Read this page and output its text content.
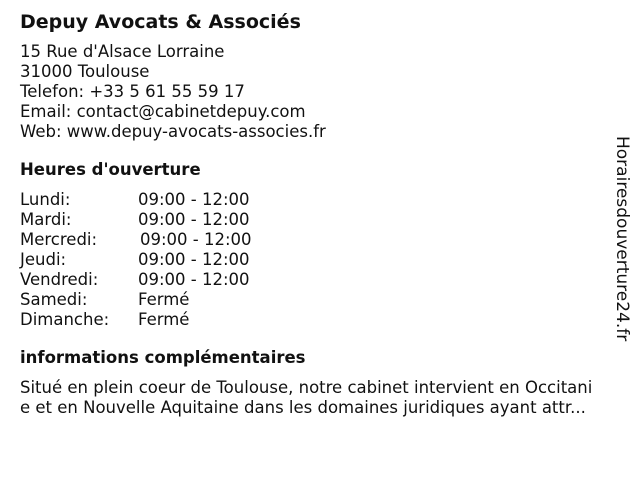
Depuy Avocats & Associés
15 Rue d'Alsace Lorraine
31000 Toulouse
Telefon: +33 5 61 55 59 17
Email: contact@cabinetdepuy.com
Web: www.depuy-avocats-associes.fr
Heures d'ouverture
Lundi:	09:00 - 12:00
Mardi:	09:00 - 12:00
Mercredi:	09:00 - 12:00
Jeudi:	09:00 - 12:00
Vendredi: 09:00 - 12:00
Samedi:	Fermé
Dimanche: Fermé
informations complémentaires
Situé en plein coeur de Toulouse, notre cabinet intervient en Occitani
e et en Nouvelle Aquitaine dans les domaines juridiques ayant attr...
Horairesdouverture24.fr
